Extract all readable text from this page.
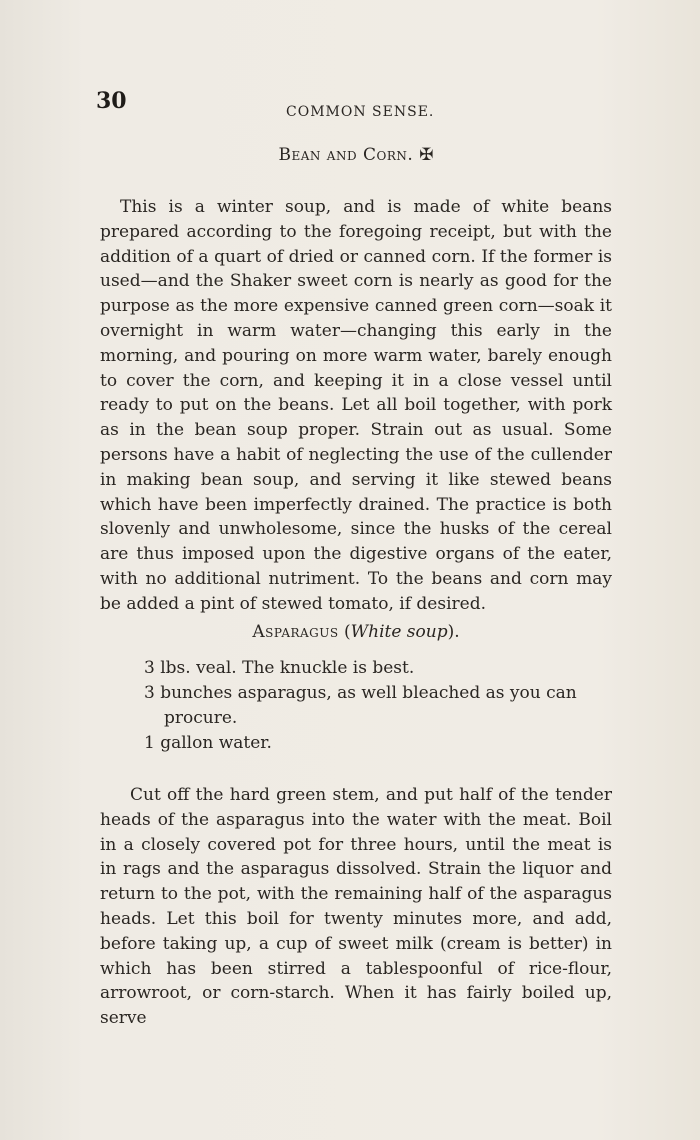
30	COMMON SENSE.
Bean and Corn. ✠

This is a winter soup, and is made of white beans prepared according to the foregoing receipt, but with the addition of a quart of dried or canned corn. If the former is used—and the Shaker sweet corn is nearly as good for the purpose as the more expensive canned green corn—soak it overnight in warm water—changing this early in the morning, and pouring on more warm water, barely enough to cover the corn, and keeping it in a close vessel until ready to put on the beans. Let all boil together, with pork as in the bean soup proper. Strain out as usual. Some persons have a habit of neglecting the use of the cullender in making bean soup, and serving it like stewed beans which have been imperfectly drained. The practice is both slovenly and unwholesome, since the husks of the cereal are thus imposed upon the digestive organs of the eater, with no additional nutriment. To the beans and corn may be added a pint of stewed tomato, if desired.

Asparagus (White soup).

3 lbs. veal. The knuckle is best.

3 bunches asparagus, as well bleached as you can
procure.

1 gallon water.

Cut off the hard green stem, and put half of the tender heads of the asparagus into the water with the meat. Boil in a closely covered pot for three hours, until the meat is in rags and the asparagus dissolved. Strain the liquor and return to the pot, with the remaining half of the asparagus heads. Let this boil for twenty minutes more, and add, before taking up, a cup of sweet milk (cream is better) in which has been stirred a tablespoonful of rice-flour, arrowroot, or corn-starch. When it has fairly boiled up, serve
